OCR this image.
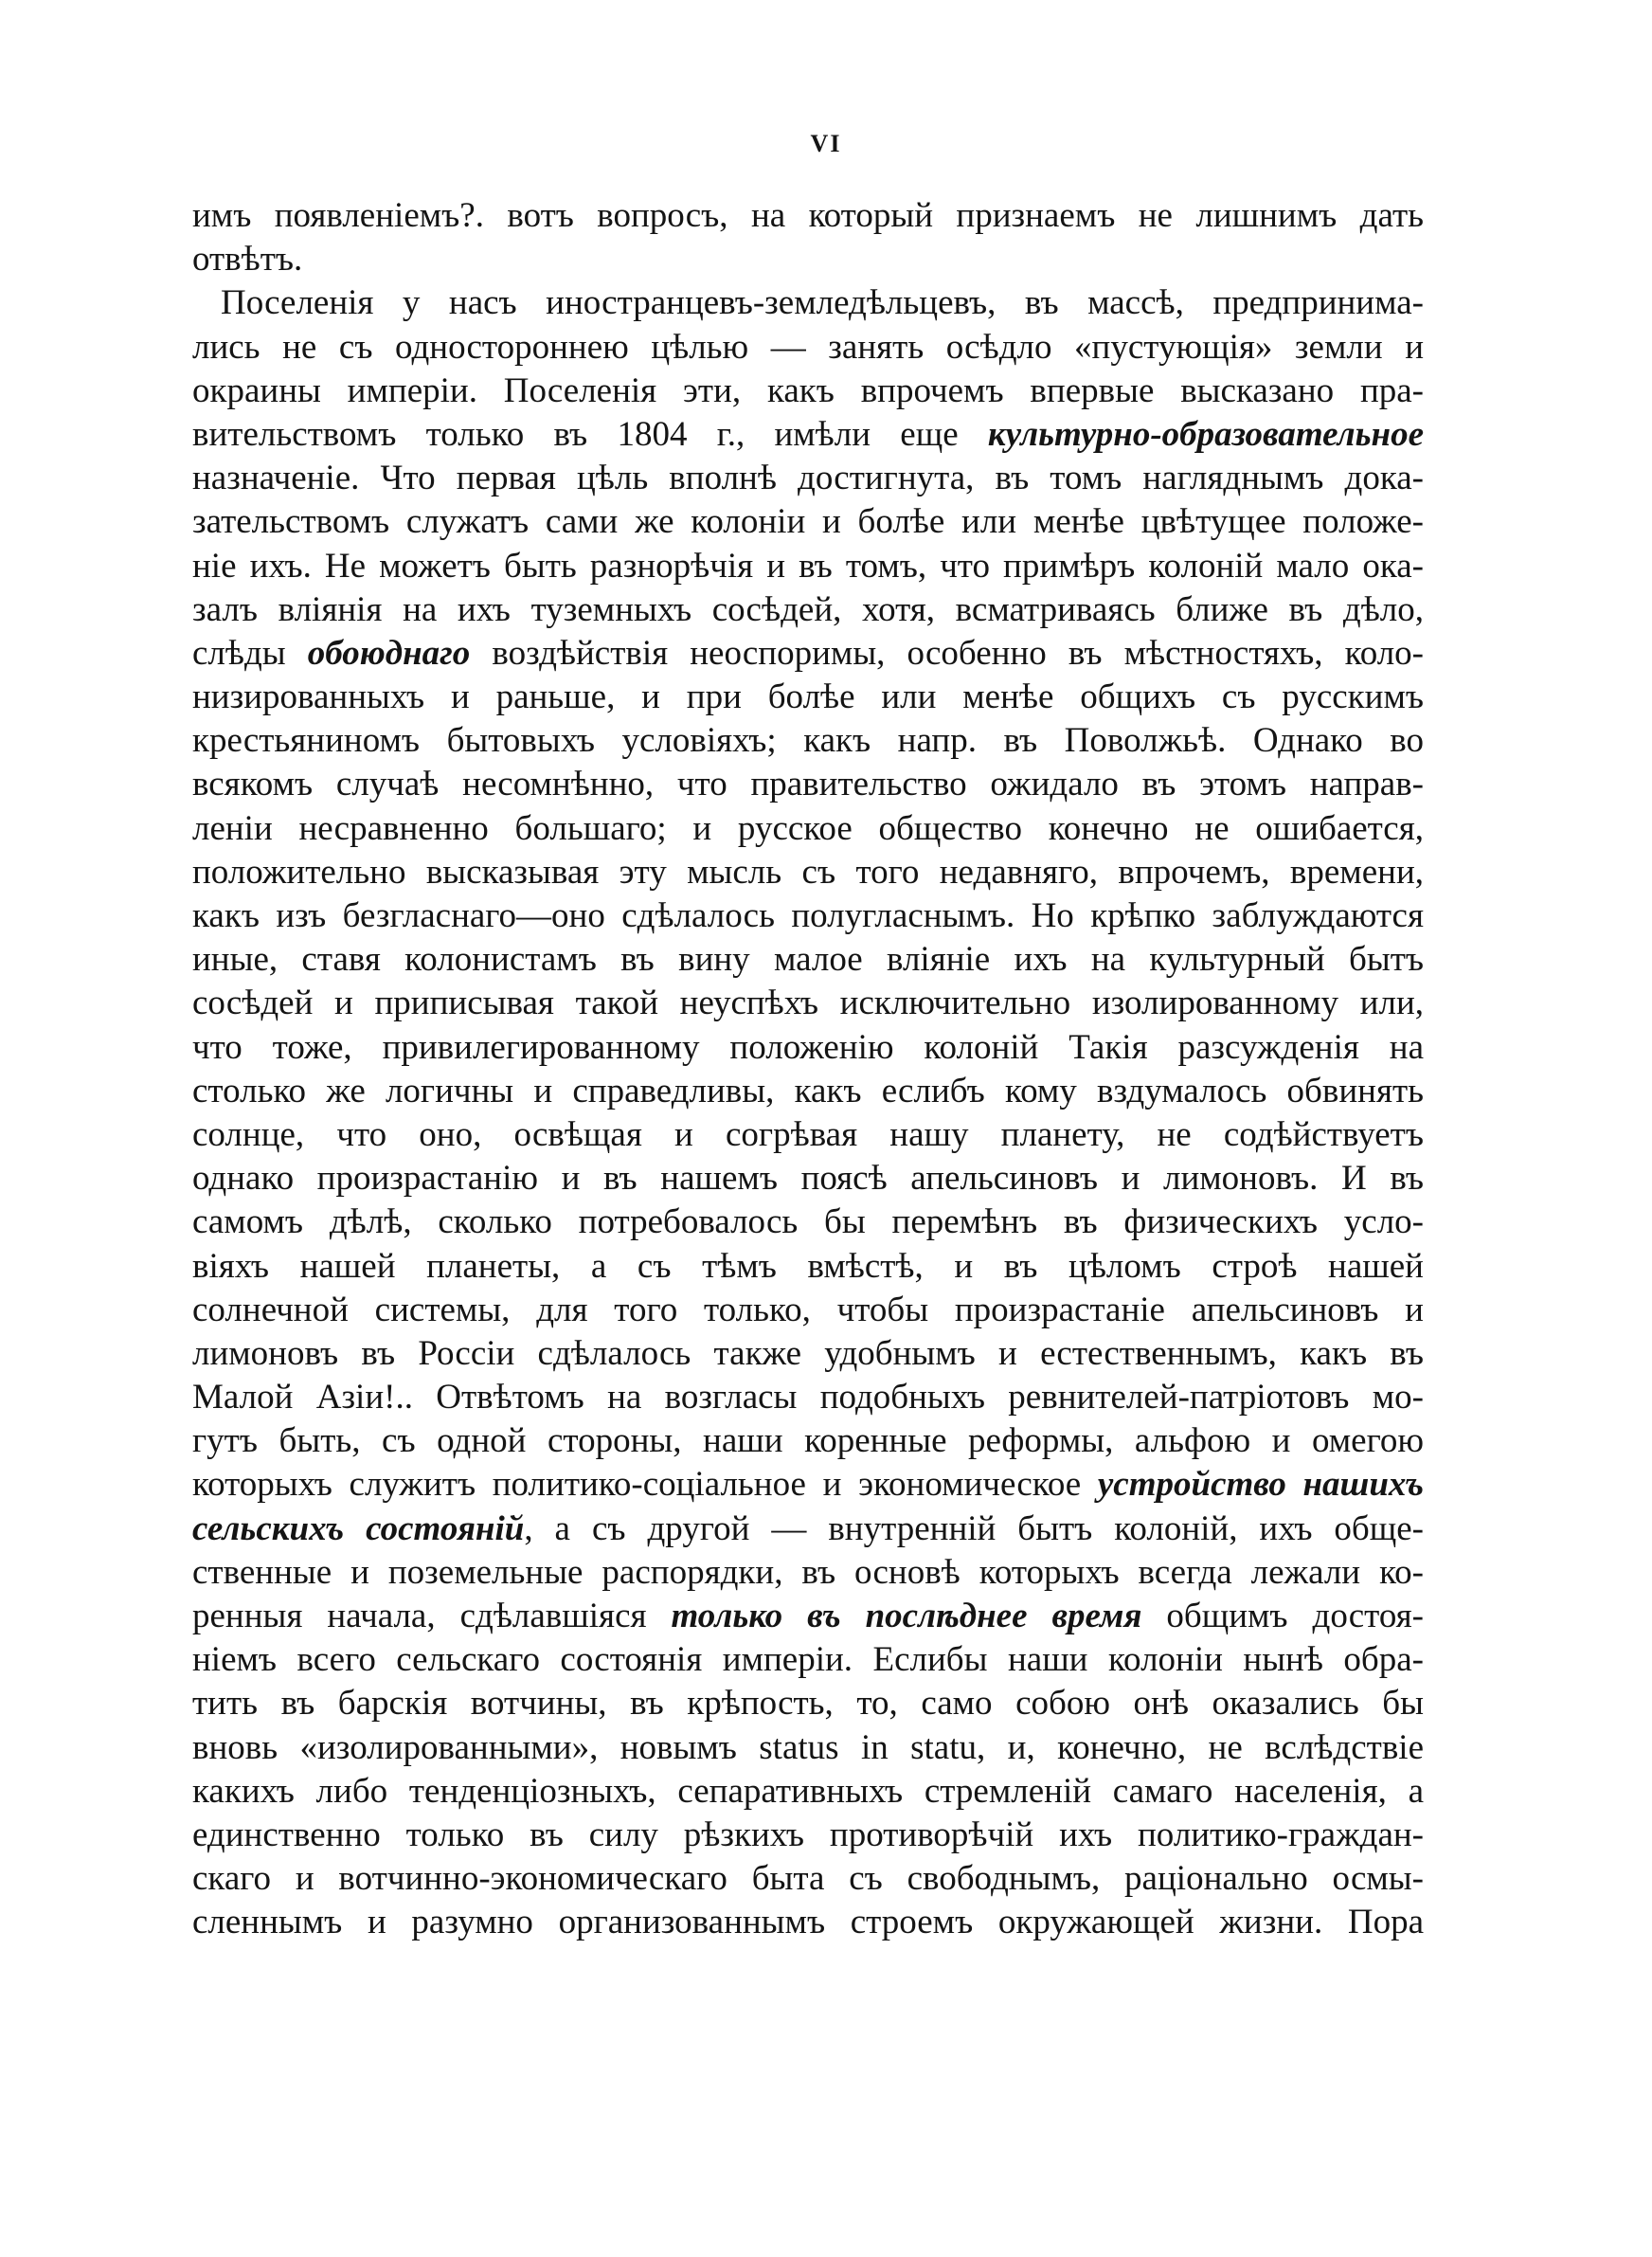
VI
имъ появленіемъ?. вотъ вопросъ, на который признаемъ не лишнимъ дать
отвѣтъ.
Поселенія у насъ иностранцевъ-земледѣльцевъ, въ массѣ, предпринима-
лись не съ одностороннею цѣлью — занять осѣдло «пустующія» земли и
окраины имперіи. Поселенія эти, какъ впрочемъ впервые высказано пра-
вительствомъ только въ 1804 г., имѣли еще культурно-образовательное
назначеніе. Что первая цѣль вполнѣ достигнута, въ томъ нагляднымъ дока-
зательствомъ служатъ сами же колоніи и болѣе или менѣе цвѣтущее положе-
ніе ихъ. Не можетъ быть разнорѣчія и въ томъ, что примѣръ колоній мало ока-
залъ вліянія на ихъ туземныхъ сосѣдей, хотя, всматриваясь ближе въ дѣло,
слѣды обоюднаго воздѣйствія неоспоримы, особенно въ мѣстностяхъ, коло-
низированныхъ и раньше, и при болѣе или менѣе общихъ съ русскимъ
крестьяниномъ бытовыхъ условіяхъ; какъ напр. въ Поволжьѣ. Однако во
всякомъ случаѣ несомнѣнно, что правительство ожидало въ этомъ направ-
леніи несравненно большаго; и русское общество конечно не ошибается,
положительно высказывая эту мысль съ того недавняго, впрочемъ, времени,
какъ изъ безгласнаго—оно сдѣлалось полугласнымъ. Но крѣпко заблуждаются
иные, ставя колонистамъ въ вину малое вліяніе ихъ на культурный бытъ
сосѣдей и приписывая такой неуспѣхъ исключительно изолированному или,
что тоже, привилегированному положенію колоній Такія разсужденія на
столько же логичны и справедливы, какъ еслибъ кому вздумалось обвинять
солнце, что оно, освѣщая и согрѣвая нашу планету, не содѣйствуетъ
однако произрастанію и въ нашемъ поясѣ апельсиновъ и лимоновъ. И въ
самомъ дѣлѣ, сколько потребовалось бы перемѣнъ въ физическихъ усло-
віяхъ нашей планеты, а съ тѣмъ вмѣстѣ, и въ цѣломъ строѣ нашей
солнечной системы, для того только, чтобы произрастаніе апельсиновъ и
лимоновъ въ Россіи сдѣлалось также удобнымъ и естественнымъ, какъ въ
Малой Азіи!.. Отвѣтомъ на возгласы подобныхъ ревнителей-патріотовъ мо-
гутъ быть, съ одной стороны, наши коренные реформы, альфою и омегою
которыхъ служитъ политико-соціальное и экономическое устройство нашихъ
сельскихъ состояній, а съ другой — внутренній бытъ колоній, ихъ обще-
ственные и поземельные распорядки, въ основѣ которыхъ всегда лежали ко-
ренныя начала, сдѣлавшіяся только въ послѣднее время общимъ достоя-
ніемъ всего сельскаго состоянія имперіи. Еслибы наши колоніи нынѣ обра-
тить въ барскія вотчины, въ крѣпость, то, само собою онѣ оказались бы
вновь «изолированными», новымъ status in statu, и, конечно, не вслѣдствіе
какихъ либо тенденціозныхъ, сепаративныхъ стремленій самаго населенія, а
единственно только въ силу рѣзкихъ противорѣчій ихъ политико-граждан-
скаго и вотчинно-экономическаго быта съ свободнымъ, раціонально осмы-
сленнымъ и разумно организованнымъ строемъ окружающей жизни. Пора
